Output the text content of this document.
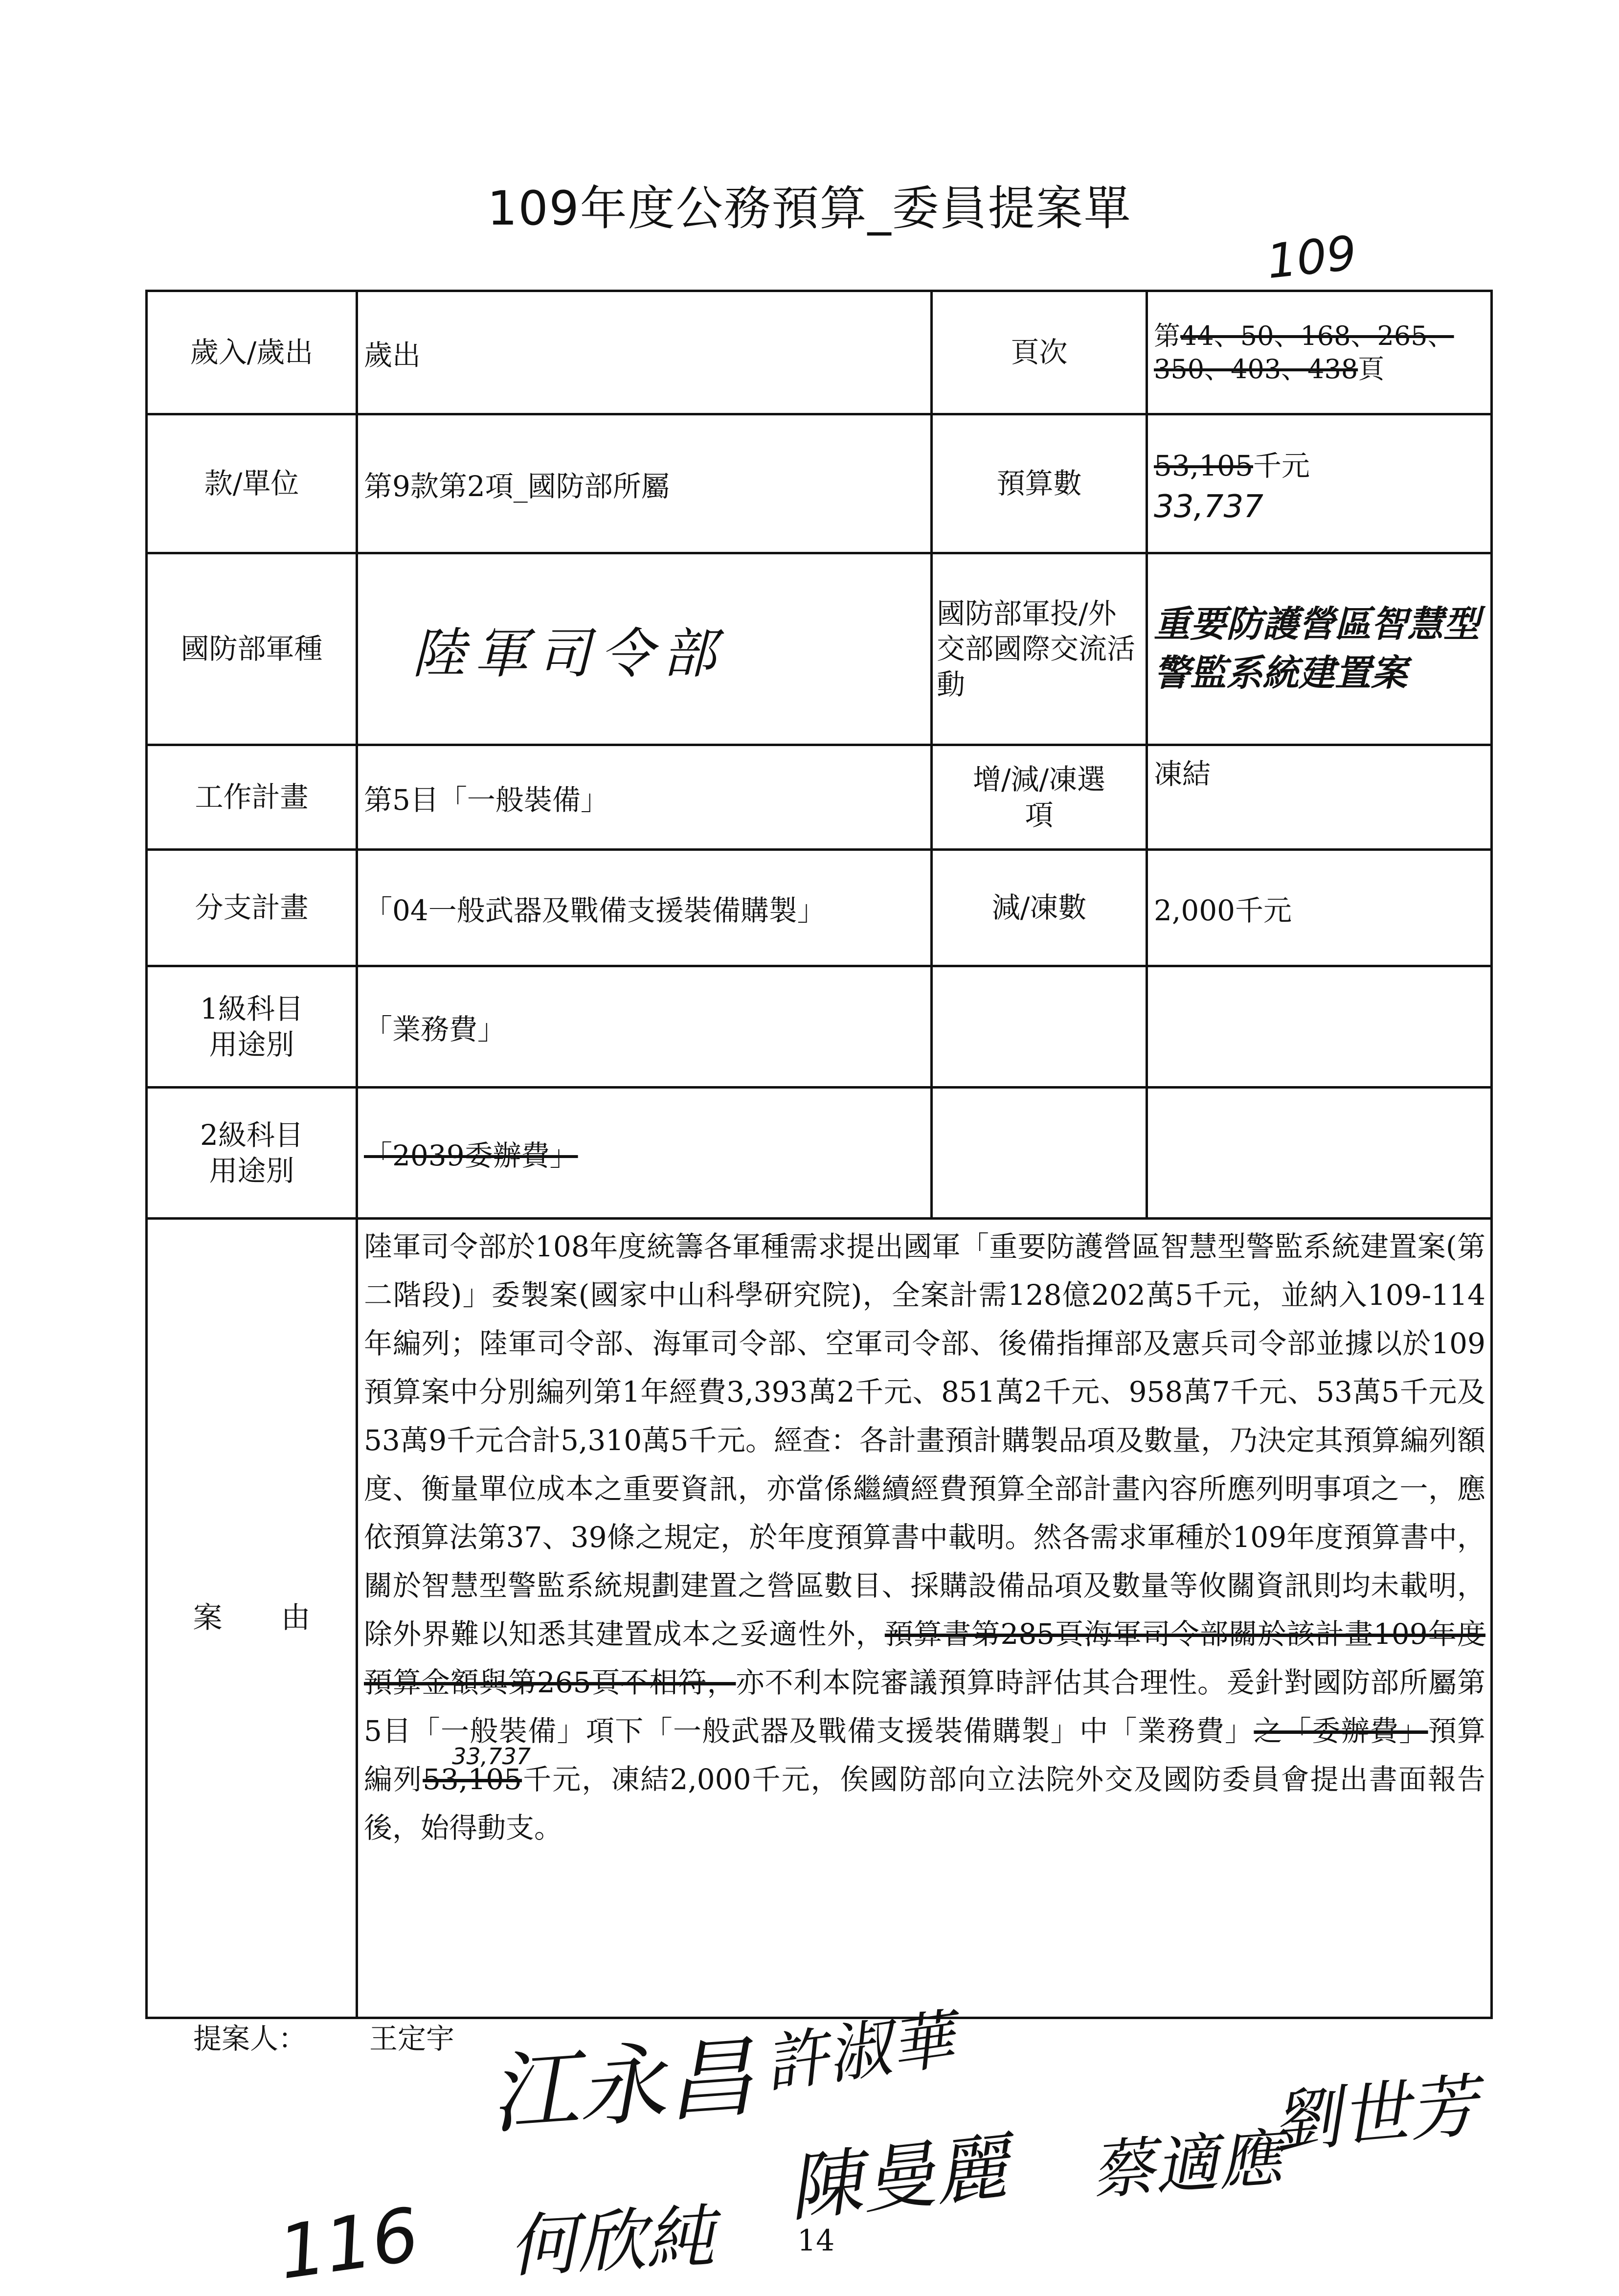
109年度公務預算_委員提案單
109
歲入/歲出	歲出	頁次	第44、50、168、265、350、403、438頁
款/單位	第9款第2項_國防部所屬	預算數	53,105千元
33,737

國防部軍種	陸軍司令部	國防部軍投/外交部國際交流活動	重要防護營區智慧型警監系統建置案
工作計畫	第5目「一般裝備」	增/減/凍選項	凍結
分支計畫	「04一般武器及戰備支援裝備購製」	減/凍數	2,000千元
1級科目用途別	「業務費」		
2級科目用途別	「2039委辦費」		
案　　由	陸軍司令部於108年度統籌各軍種需求提出國軍「重要防護營區智慧型警監系統建置案(第二階段)」委製案(國家中山科學研究院)，全案計需128億202萬5千元，並納入109-114年編列；陸軍司令部、海軍司令部、空軍司令部、後備指揮部及憲兵司令部並據以於109預算案中分別編列第1年經費3,393萬2千元、851萬2千元、958萬7千元、53萬5千元及53萬9千元合計5,310萬5千元。經查：各計畫預計購製品項及數量，乃決定其預算編列額度、衡量單位成本之重要資訊，亦當係繼續經費預算全部計畫內容所應列明事項之一，應依預算法第37、39條之規定，於年度預算書中載明。然各需求軍種於109年度預算書中，關於智慧型警監系統規劃建置之營區數目、採購設備品項及數量等攸關資訊則均未載明，除外界難以知悉其建置成本之妥適性外，預算書第285頁海軍司令部關於該計畫109年度預算金額與第265頁不相符，亦不利本院審議預算時評估其合理性。爰針對國防部所屬第5目「一般裝備」項下「一般武器及戰備支援裝備購製」中「業務費」之「委辦費」預算編列53,105
33,737
千元，凍結2,000千元，俟國防部向立法院外交及國防委員會提出書面報告後，始得動支。		
提案人： 王定宇 江永昌 許淑華
何欣純
陳曼麗
劉世芳
蔡適應
116	14
